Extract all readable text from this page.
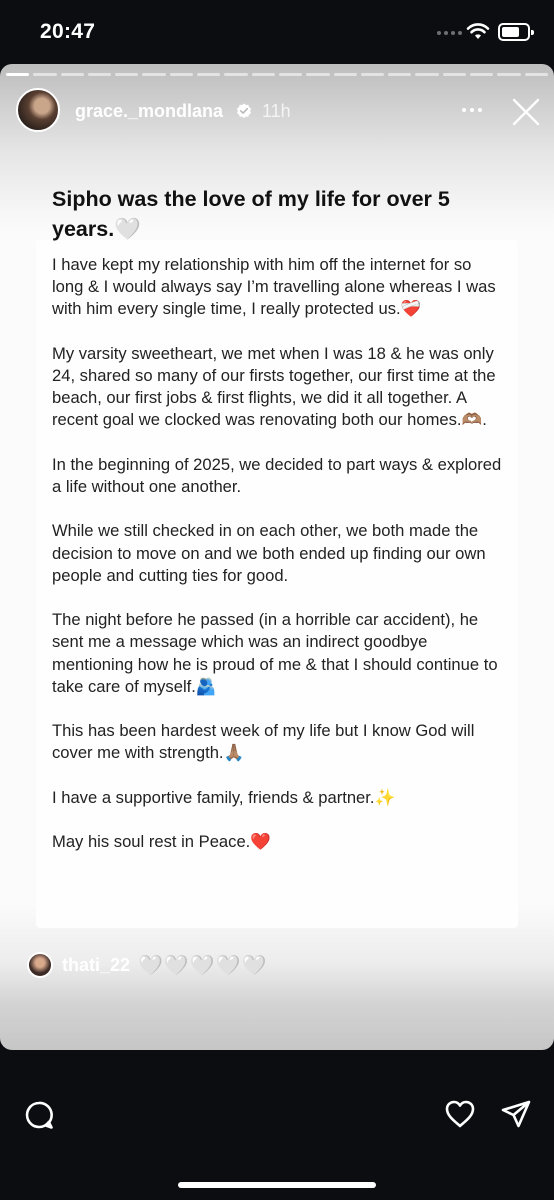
20:47
grace._mondlana 11h
Sipho was the love of my life for over 5 years.🤍

I have kept my relationship with him off the internet for so long & I would always say I’m travelling alone whereas I was with him every single time, I really protected us.❤️‍🩹

My varsity sweetheart, we met when I was 18 & he was only 24, shared so many of our firsts together, our first time at the beach, our first jobs & first flights, we did it all together. A recent goal we clocked was renovating both our homes.🫶🏽.

In the beginning of 2025, we decided to part ways & explored a life without one another.

While we still checked in on each other, we both made the decision to move on and we both ended up finding our own people and cutting ties for good.

The night before he passed (in a horrible car accident), he sent me a message which was an indirect goodbye mentioning how he is proud of me & that I should continue to take care of myself.🫂

This has been hardest week of my life but I know God will cover me with strength.🙏🏽

I have a supportive family, friends & partner.✨

May his soul rest in Peace.❤️

thati_22 🤍🤍🤍🤍🤍
